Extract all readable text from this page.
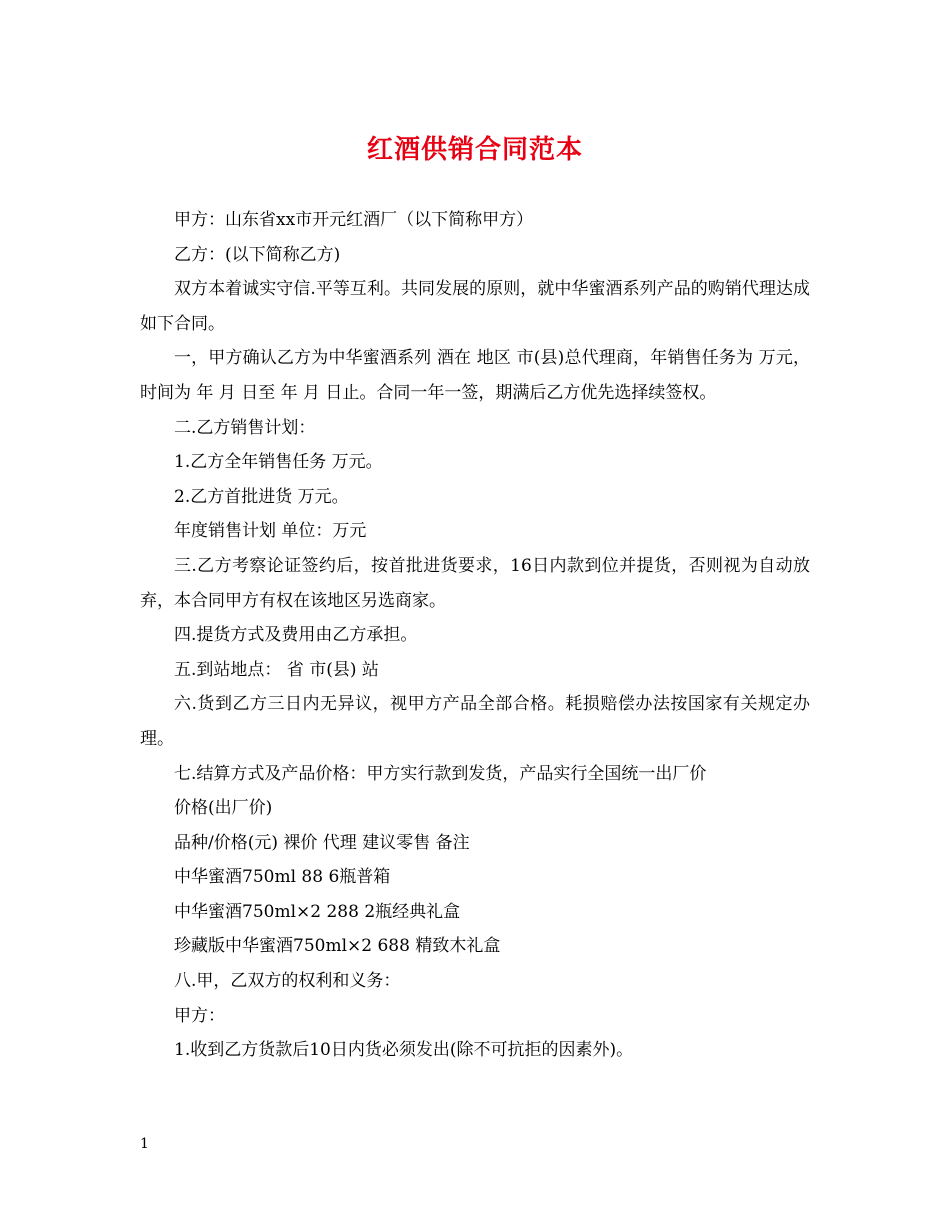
红酒供销合同范本

甲方：山东省xx市开元红酒厂（以下简称甲方）

乙方：(以下简称乙方)

双方本着诚实守信.平等互利。共同发展的原则，就中华蜜酒系列产品的购销代理达成如下合同。

一，甲方确认乙方为中华蜜酒系列 酒在 地区 市(县)总代理商，年销售任务为 万元，时间为 年 月 日至 年 月 日止。合同一年一签，期满后乙方优先选择续签权。

二.乙方销售计划：

1.乙方全年销售任务 万元。

2.乙方首批进货 万元。

年度销售计划 单位：万元

三.乙方考察论证签约后，按首批进货要求，16日内款到位并提货，否则视为自动放弃，本合同甲方有权在该地区另选商家。

四.提货方式及费用由乙方承担。

五.到站地点： 省 市(县) 站

六.货到乙方三日内无异议，视甲方产品全部合格。耗损赔偿办法按国家有关规定办理。

七.结算方式及产品价格：甲方实行款到发货，产品实行全国统一出厂价

价格(出厂价)

品种/价格(元) 裸价 代理 建议零售 备注

中华蜜酒750ml 88 6瓶普箱

中华蜜酒750ml×2 288 2瓶经典礼盒

珍藏版中华蜜酒750ml×2 688 精致木礼盒

八.甲，乙双方的权利和义务：

甲方：

1.收到乙方货款后10日内货必须发出(除不可抗拒的因素外)。

1
